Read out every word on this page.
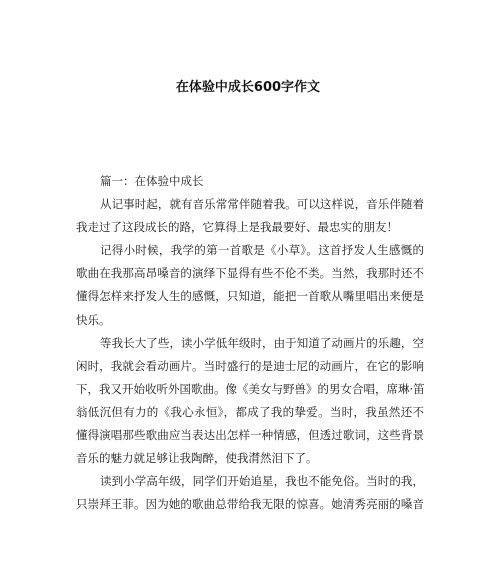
在体验中成长600字作文

篇一：在体验中成长

从记事时起，就有音乐常常伴随着我。可以这样说，音乐伴随着
我走过了这段成长的路，它算得上是我最要好、最忠实的朋友！

记得小时候，我学的第一首歌是《小草》。这首抒发人生感慨的
歌曲在我那高昂嗓音的演绎下显得有些不伦不类。当然，我那时还不
懂得怎样来抒发人生的感慨，只知道，能把一首歌从嘴里唱出来便是
快乐。

等我长大了些，读小学低年级时，由于知道了动画片的乐趣，空
闲时，我就会看动画片。当时盛行的是迪士尼的动画片，在它的影响
下，我又开始收听外国歌曲。像《美女与野兽》的男女合唱，席琳·笛
翁低沉但有力的《我心永恒》，都成了我的挚爱。当时，我虽然还不
懂得演唱那些歌曲应当表达出怎样一种情感，但透过歌词，这些背景
音乐的魅力就足够让我陶醉，使我潸然泪下了。

读到小学高年级，同学们开始追星，我也不能免俗。当时的我，
只崇拜王菲。因为她的歌曲总带给我无限的惊喜。她清秀亮丽的嗓音
